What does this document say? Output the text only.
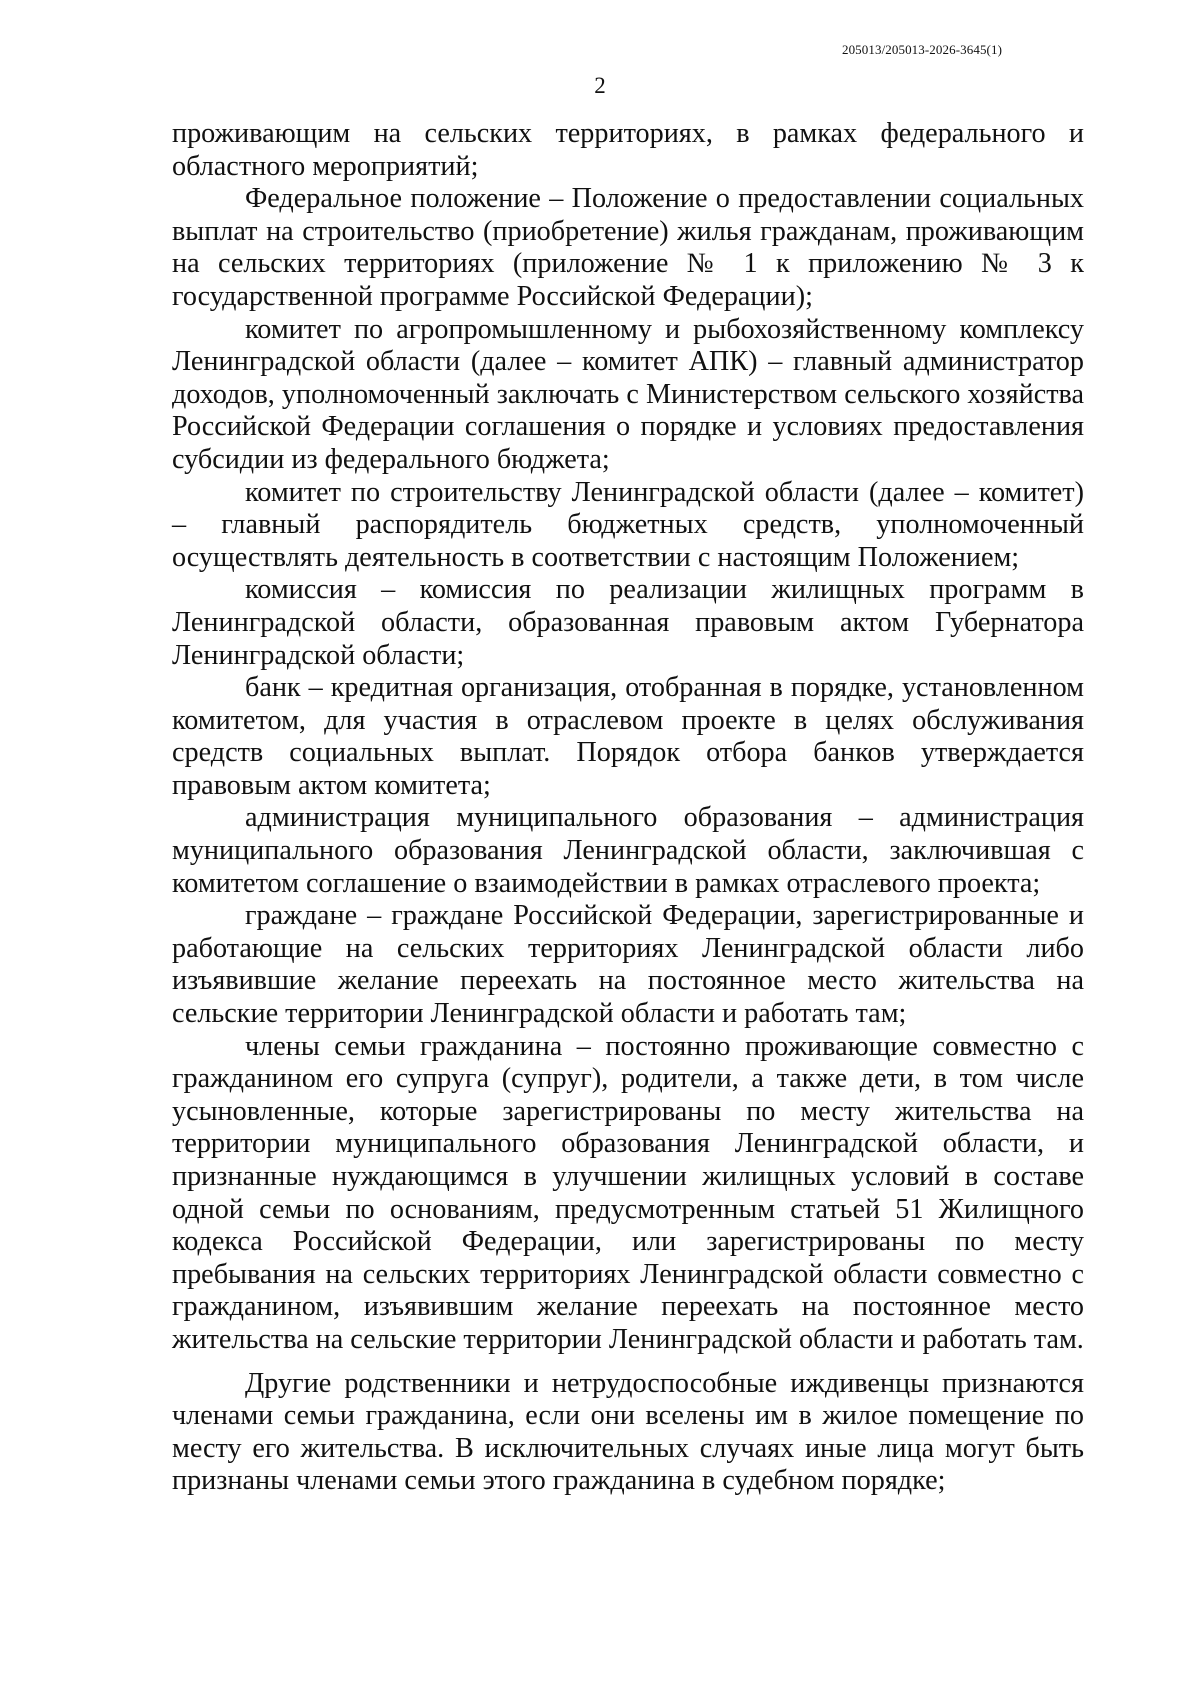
205013/205013-2026-3645(1)
2

проживающим на сельских территориях, в рамках федерального и областного мероприятий;

Федеральное положение – Положение о предоставлении социальных выплат на строительство (приобретение) жилья гражданам, проживающим на сельских территориях (приложение № 1 к приложению № 3 к государственной программе Российской Федерации);

комитет по агропромышленному и рыбохозяйственному комплексу Ленинградской области (далее – комитет АПК) – главный администратор доходов, уполномоченный заключать с Министерством сельского хозяйства Российской Федерации соглашения о порядке и условиях предоставления субсидии из федерального бюджета;

комитет по строительству Ленинградской области (далее – комитет) – главный распорядитель бюджетных средств, уполномоченный осуществлять деятельность в соответствии с настоящим Положением;

комиссия – комиссия по реализации жилищных программ в Ленинградской области, образованная правовым актом Губернатора Ленинградской области;

банк – кредитная организация, отобранная в порядке, установленном комитетом, для участия в отраслевом проекте в целях обслуживания средств социальных выплат. Порядок отбора банков утверждается правовым актом комитета;

администрация муниципального образования – администрация муниципального образования Ленинградской области, заключившая с комитетом соглашение о взаимодействии в рамках отраслевого проекта;

граждане – граждане Российской Федерации, зарегистрированные и работающие на сельских территориях Ленинградской области либо изъявившие желание переехать на постоянное место жительства на сельские территории Ленинградской области и работать там;

члены семьи гражданина – постоянно проживающие совместно с гражданином его супруга (супруг), родители, а также дети, в том числе усыновленные, которые зарегистрированы по месту жительства на территории муниципального образования Ленинградской области, и признанные нуждающимся в улучшении жилищных условий в составе одной семьи по основаниям, предусмотренным статьей 51 Жилищного кодекса Российской Федерации, или зарегистрированы по месту пребывания на сельских территориях Ленинградской области совместно с гражданином, изъявившим желание переехать на постоянное место жительства на сельские территории Ленинградской области и работать там.

Другие родственники и нетрудоспособные иждивенцы признаются членами семьи гражданина, если они вселены им в жилое помещение по месту его жительства. В исключительных случаях иные лица могут быть признаны членами семьи этого гражданина в судебном порядке;
